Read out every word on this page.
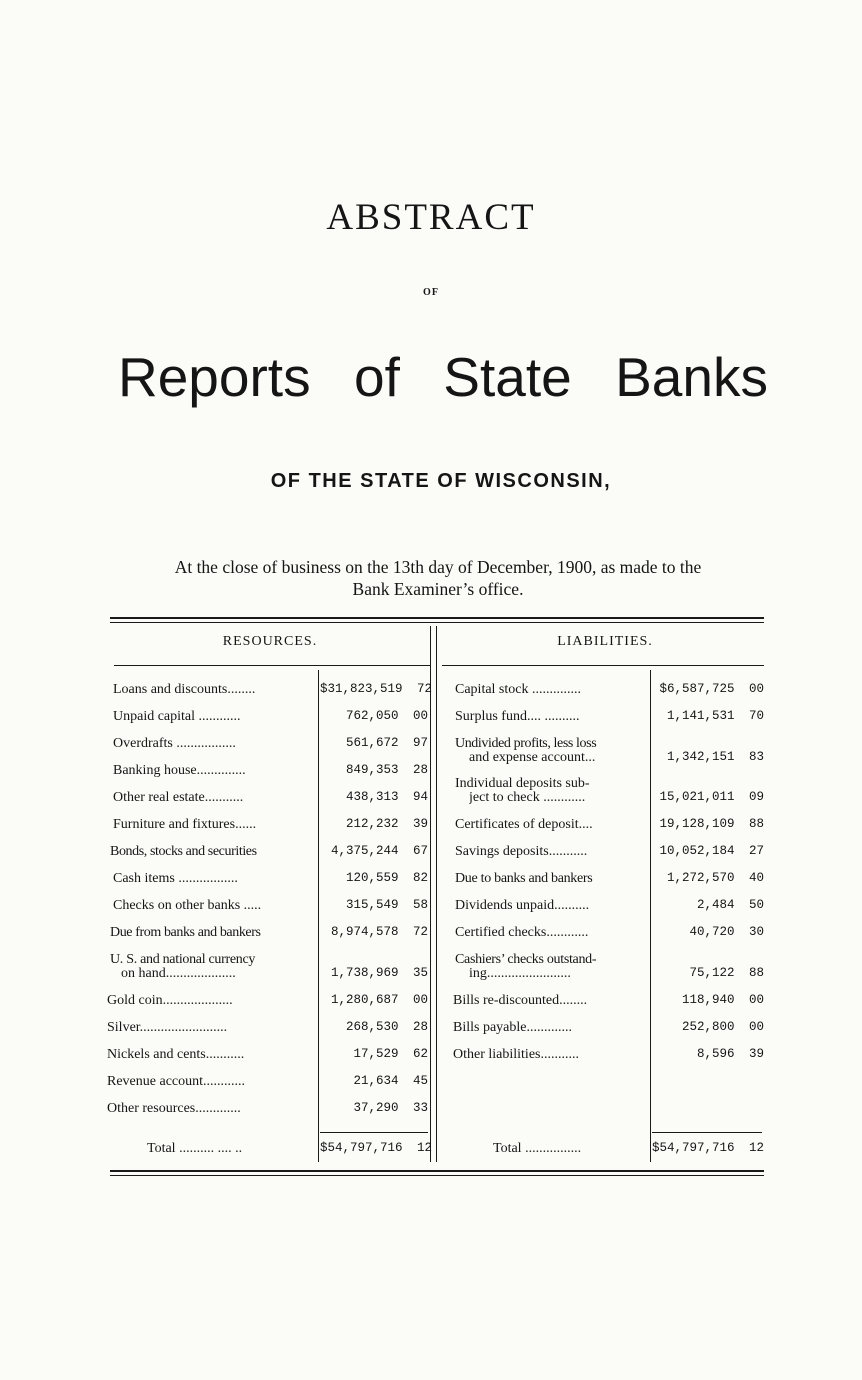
ABSTRACT
OF
Reports of State Banks
OF THE STATE OF WISCONSIN,
At the close of business on the 13th day of December, 1900, as made to the
Bank Examiner’s office.
RESOURCES.	LIABILITIES.
Loans and discounts........	$31,823,519 72
Unpaid capital ............	762,050 00
Overdrafts .................	561,672 97
Banking house..............	849,353 28
Other real estate...........	438,313 94
Furniture and fixtures......	212,232 39
Bonds, stocks and securities	4,375,244 67
Cash items .................	120,559 82
Checks on other banks .....	315,549 58
Due from banks and bankers	8,974,578 72
U. S. and national currency
on hand....................	1,738,969 35
Gold coin....................	1,280,687 00
Silver.........................	268,530 28
Nickels and cents...........	17,529 62
Revenue account............	21,634 45
Other resources.............	37,290 33
Total .......... .... ..	$54,797,716 12
Capital stock ..............	$6,587,725 00
Surplus fund.... ..........	1,141,531 70
Undivided profits, less loss
and expense account...	1,342,151 83
Individual deposits sub-
ject to check ............	15,021,011 09
Certificates of deposit....	19,128,109 88
Savings deposits...........	10,052,184 27
Due to banks and bankers	1,272,570 40
Dividends unpaid..........	2,484 50
Certified checks............	40,720 30
Cashiers’ checks outstand-
ing........................	75,122 88
Bills re-discounted........	118,940 00
Bills payable.............	252,800 00
Other liabilities...........	8,596 39
Total ................	$54,797,716 12
